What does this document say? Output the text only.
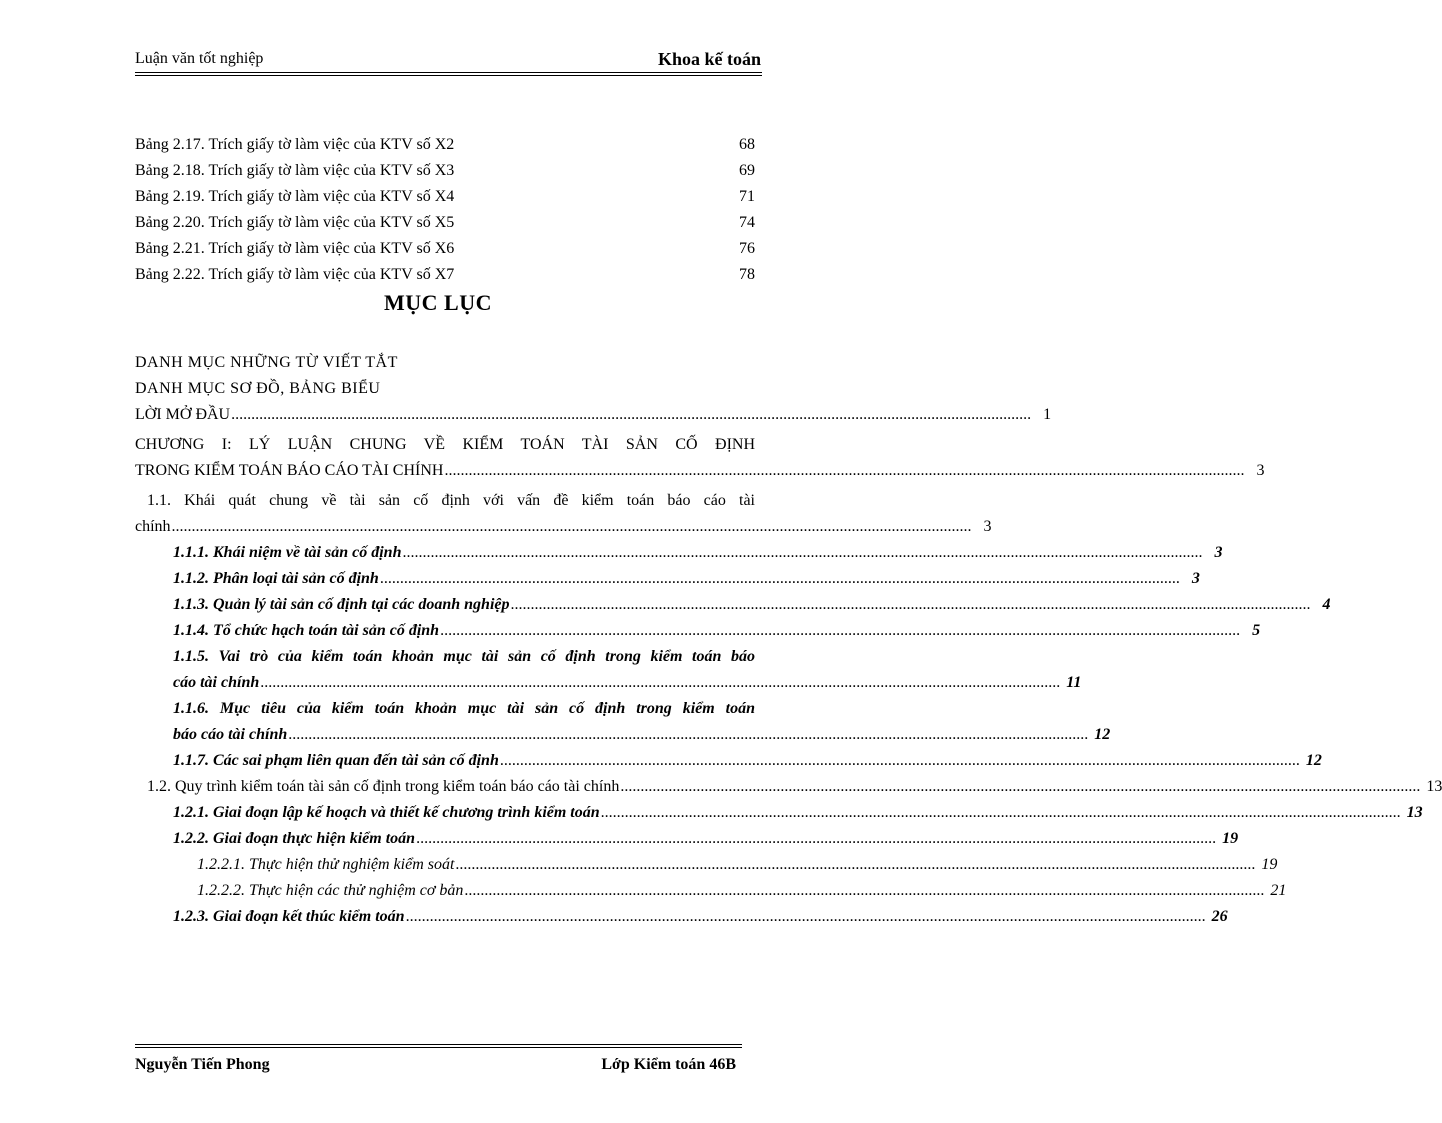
Luận văn tốt nghiệp	Khoa kế toán
Bảng 2.17. Trích giấy tờ làm việc của KTV số X2	68
Bảng 2.18. Trích giấy tờ làm việc của KTV số X3	69
Bảng 2.19. Trích giấy tờ làm việc của KTV số X4	71
Bảng 2.20. Trích giấy tờ làm việc của KTV số X5	74
Bảng 2.21. Trích giấy tờ làm việc của KTV số X6	76
Bảng 2.22. Trích giấy tờ làm việc của KTV số X7	78
MỤC LỤC
DANH MỤC NHỮNG TỪ VIẾT TẮT
DANH MỤC SƠ ĐỒ, BẢNG BIỂU
LỜI MỞ ĐẦU ........................................................................................................................................................................................................ 1
CHƯƠNG I: LÝ LUẬN CHUNG VỀ KIỂM TOÁN TÀI SẢN CỐ ĐỊNH
TRONG KIỂM TOÁN BÁO CÁO TÀI CHÍNH ........................................................................................................................................................................................................ 3
1.1. Khái quát chung về tài sản cố định với vấn đề kiểm toán báo cáo tài
chính ........................................................................................................................................................................................................ 3
1.1.1. Khái niệm về tài sản cố định ........................................................................................................................................................................................................ 3
1.1.2. Phân loại tài sản cố định ........................................................................................................................................................................................................ 3
1.1.3. Quản lý tài sản cố định tại các doanh nghiệp ........................................................................................................................................................................................................ 4
1.1.4. Tổ chức hạch toán tài sản cố định ........................................................................................................................................................................................................ 5
1.1.5. Vai trò của kiểm toán khoản mục tài sản cố định trong kiểm toán báo
cáo tài chính ........................................................................................................................................................................................................ 11
1.1.6. Mục tiêu của kiểm toán khoản mục tài sản cố định trong kiểm toán
báo cáo tài chính ........................................................................................................................................................................................................ 12
1.1.7. Các sai phạm liên quan đến tài sản cố định ........................................................................................................................................................................................................ 12
1.2. Quy trình kiểm toán tài sản cố định trong kiểm toán báo cáo tài chính ........................................................................................................................................................................................................ 13
1.2.1. Giai đoạn lập kế hoạch và thiết kế chương trình kiểm toán ........................................................................................................................................................................................................ 13
1.2.2. Giai đoạn thực hiện kiểm toán ........................................................................................................................................................................................................ 19
1.2.2.1. Thực hiện thử nghiệm kiểm soát ........................................................................................................................................................................................................ 19
1.2.2.2. Thực hiện các thử nghiệm cơ bản ........................................................................................................................................................................................................ 21
1.2.3. Giai đoạn kết thúc kiểm toán ........................................................................................................................................................................................................ 26
Nguyễn Tiến Phong	Lớp Kiểm toán 46B
